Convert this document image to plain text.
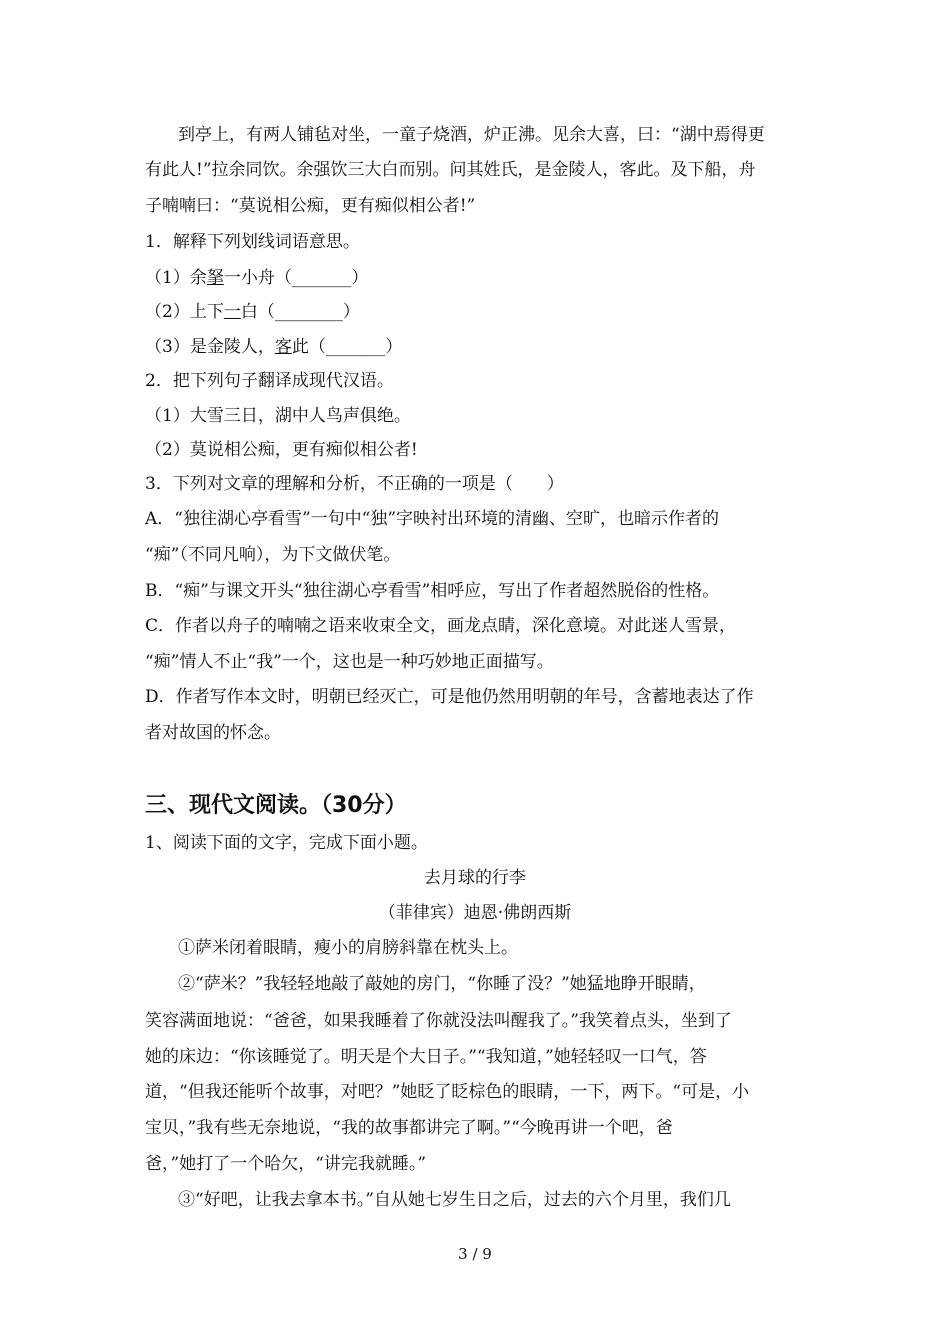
到亭上，有两人铺毡对坐，一童子烧酒，炉正沸。见余大喜，曰：“湖中焉得更
有此人!”拉余同饮。余强饮三大白而别。问其姓氏，是金陵人，客此。及下船，舟
子喃喃曰：“莫说相公痴，更有痴似相公者!”
1．解释下列划线词语意思。
（1）余拏一小舟（_______）
（2）上下一白（________）
（3）是金陵人，客此（_______）
2．把下列句子翻译成现代汉语。
（1）大雪三日，湖中人鸟声俱绝。
（2）莫说相公痴，更有痴似相公者!
3．下列对文章的理解和分析，不正确的一项是（　　）
A．“独往湖心亭看雪”一句中“独”字映衬出环境的清幽、空旷，也暗示作者的
“痴”（不同凡响），为下文做伏笔。
B．“痴”与课文开头“独往湖心亭看雪”相呼应，写出了作者超然脱俗的性格。
C．作者以舟子的喃喃之语来收束全文，画龙点睛，深化意境。对此迷人雪景，
“痴”情人不止“我”一个，这也是一种巧妙地正面描写。
D．作者写作本文时，明朝已经灭亡，可是他仍然用明朝的年号，含蓄地表达了作
者对故国的怀念。
三、现代文阅读。（30分）
1、阅读下面的文字，完成下面小题。
去月球的行李
（菲律宾）迪恩·佛朗西斯
①萨米闭着眼睛，瘦小的肩膀斜靠在枕头上。
②“萨米？”我轻轻地敲了敲她的房门，“你睡了没？”她猛地睁开眼睛，
笑容满面地说：“爸爸，如果我睡着了你就没法叫醒我了。”我笑着点头，坐到了
她的床边：“你该睡觉了。明天是个大日子。”“我知道，”她轻轻叹一口气，答
道，“但我还能听个故事，对吧？”她眨了眨棕色的眼睛，一下，两下。“可是，小
宝贝，”我有些无奈地说，“我的故事都讲完了啊。”“今晚再讲一个吧，爸
爸，”她打了一个哈欠，“讲完我就睡。”
③“好吧，让我去拿本书。”自从她七岁生日之后，过去的六个月里，我们几
3 / 9
